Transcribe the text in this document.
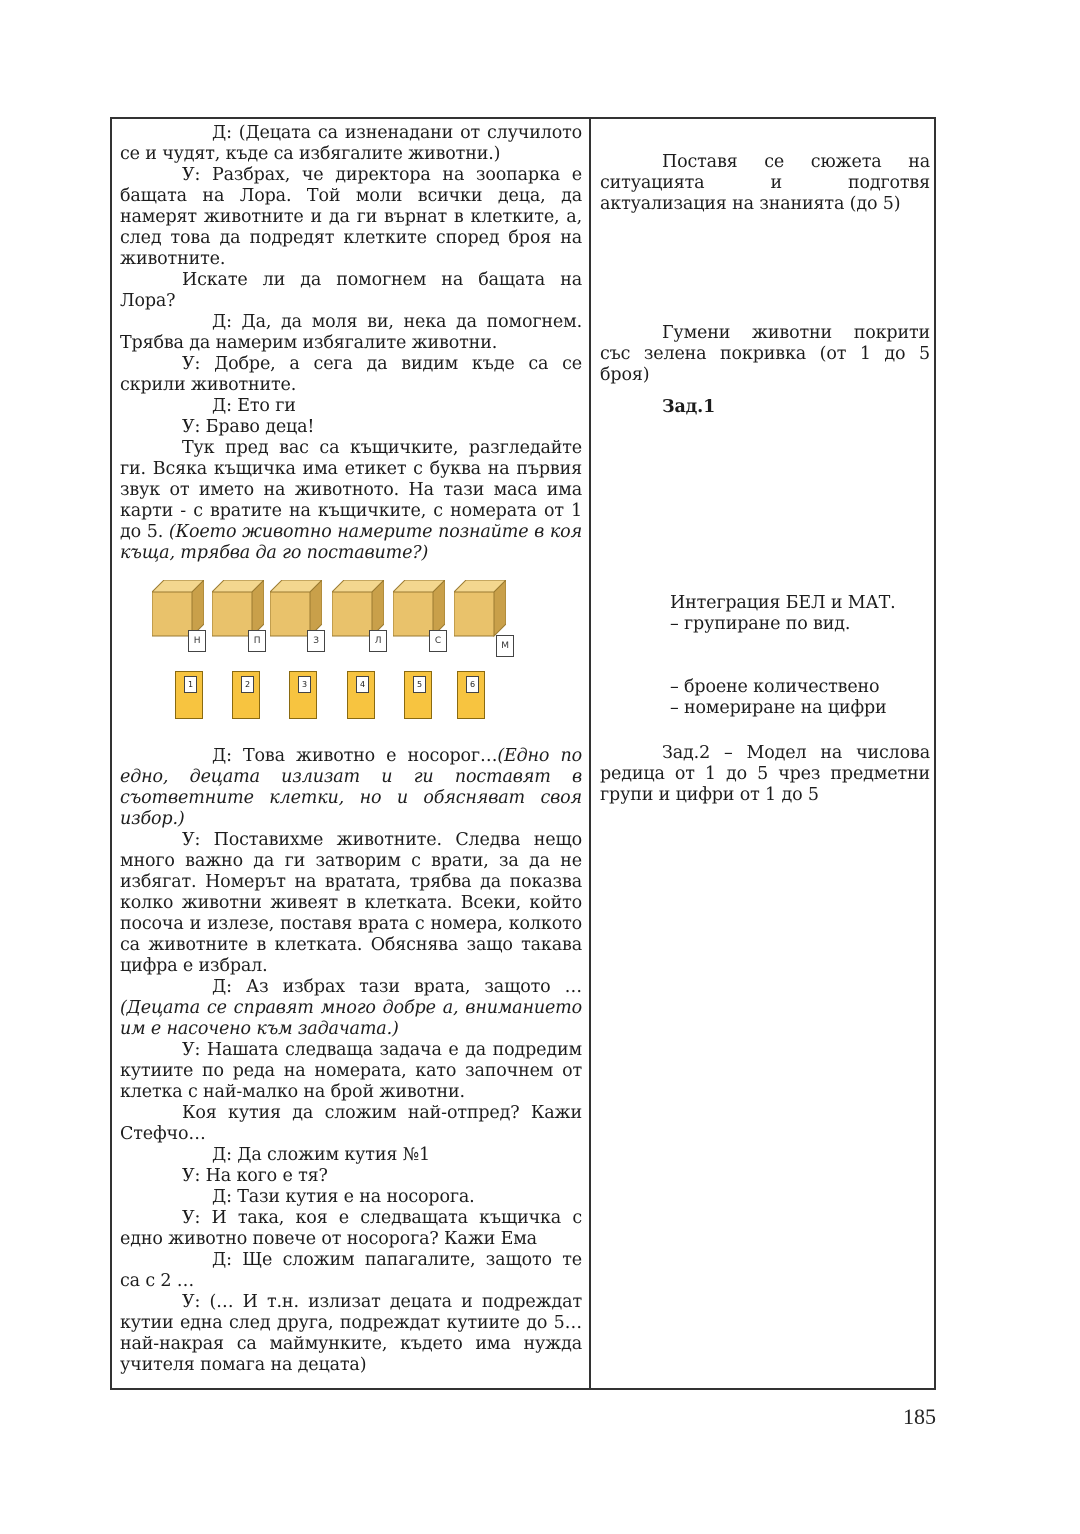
Д: (Децата са изненадани от случилото се и чудят, къде са избягалите животни.)

У: Разбрах, че директора на зоопарка е бащата на Лора. Той моли всички деца, да намерят животните и да ги върнат в клетките, а, след това да подредят клетките според броя на животните.

Искате ли да помогнем на бащата на Лора?

Д: Да, да моля ви, нека да помогнем. Трябва да намерим избягалите животни.

У: Добре, а сега да видим къде са се скрили животните.

Д: Ето ги

У: Браво деца!

Тук пред вас са къщичките, разгледайте ги. Всяка къщичка има етикет с буква на първия звук от името на животното. На тази маса има карти - с вратите на къщичките, с номерата от 1 до 5. (Което животно намерите познайте в коя къща, трябва да го поставите?)

Н	П	З	Л	С	М
1	2	3	4	5	6

Д: Това животно е носорог…(Едно по едно, децата излизат и ги поставят в съответните клетки, но и обясняват своя избор.)

У: Поставихме животните. Следва нещо много важно да ги затворим с врати, за да не избягат. Номерът на вратата, трябва да показва колко животни живеят в клетката. Всеки, който посоча и излезе, поставя врата с номера, колкото са животните в клетката. Обяснява защо такава цифра е избрал.

Д: Аз избрах тази врата, защото …(Децата се справят много добре а, вниманието им е насочено към задачата.)

У: Нашата следваща задача е да подредим кутиите по реда на номерата, като започнем от клетка с най-малко на брой животни.

Коя кутия да сложим най-отпред? Кажи Стефчо…

Д: Да сложим кутия №1

У: На кого е тя?

Д: Тази кутия е на носорога.

У: И така, коя е следващата къщичка с едно животно повече от носорога? Кажи Ема

Д: Ще сложим папагалите, защото те са с 2 …

У: (… И т.н. излизат децата и подреждат кутии една след друга, подреждат кутиите до 5… най-накрая са маймунките, където има нужда учителя помага на децата)

Поставя се сюжета на ситуацията и подготвя актуализация на знанията (до 5)
Гумени животни покрити със зелена покривка (от 1 до 5 броя)
Зад.1

Интеграция БЕЛ и МАТ.

– групиране по вид.

– броене количествено

– номериране на цифри

Зад.2 – Модел на числова редица от 1 до 5 чрез предметни групи и цифри от 1 до 5
185
